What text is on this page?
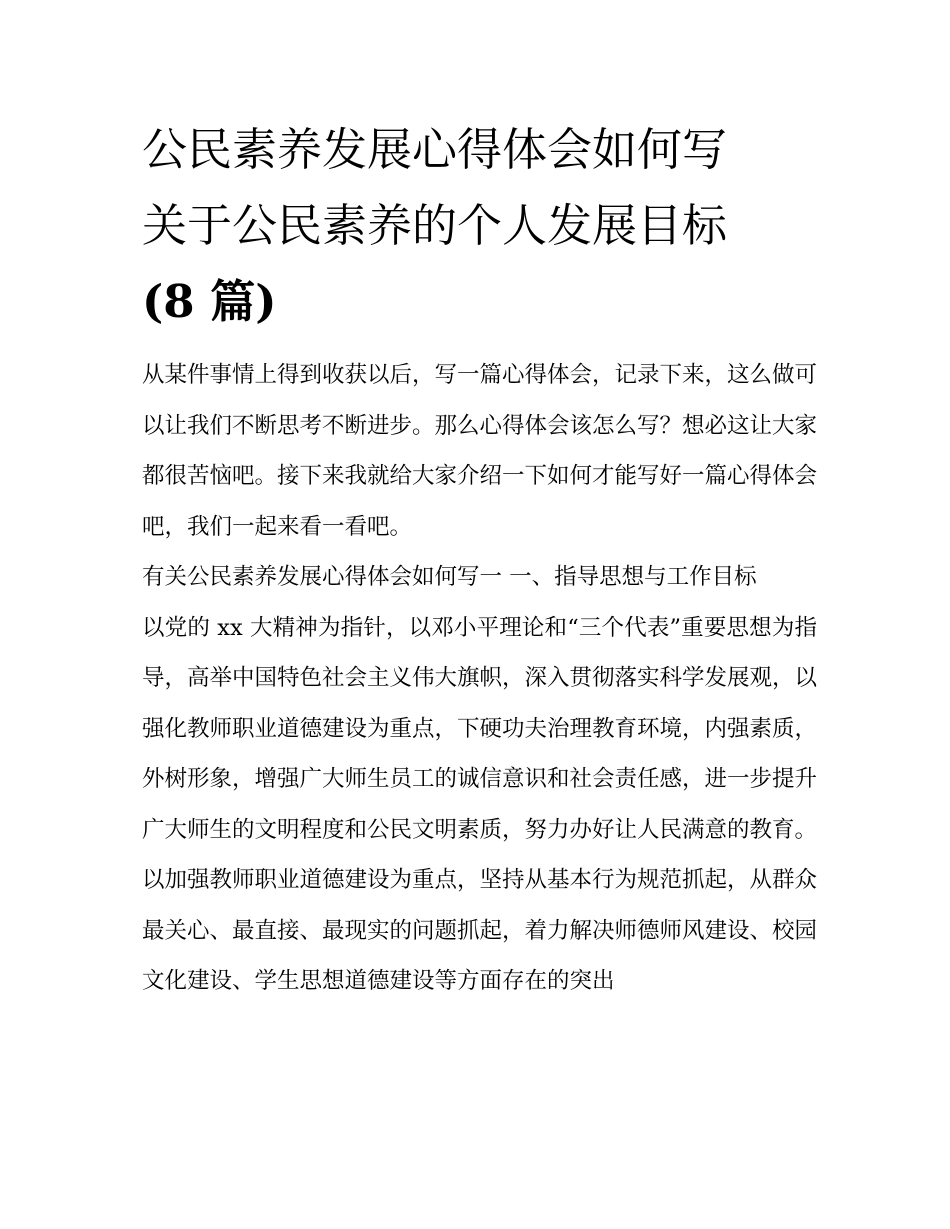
公民素养发展心得体会如何写
关于公民素养的个人发展目标
(8 篇)

从某件事情上得到收获以后，写一篇心得体会，记录下来，这么做可以让我们不断思考不断进步。那么心得体会该怎么写？想必这让大家都很苦恼吧。接下来我就给大家介绍一下如何才能写好一篇心得体会吧，我们一起来看一看吧。

有关公民素养发展心得体会如何写一 一、指导思想与工作目标

以党的 xx 大精神为指针，以邓小平理论和“三个代表”重要思想为指导，高举中国特色社会主义伟大旗帜，深入贯彻落实科学发展观，以强化教师职业道德建设为重点，下硬功夫治理教育环境，内强素质，外树形象，增强广大师生员工的诚信意识和社会责任感，进一步提升广大师生的文明程度和公民文明素质，努力办好让人民满意的教育。

以加强教师职业道德建设为重点，坚持从基本行为规范抓起，从群众最关心、最直接、最现实的问题抓起，着力解决师德师风建设、校园文化建设、学生思想道德建设等方面存在的突出
